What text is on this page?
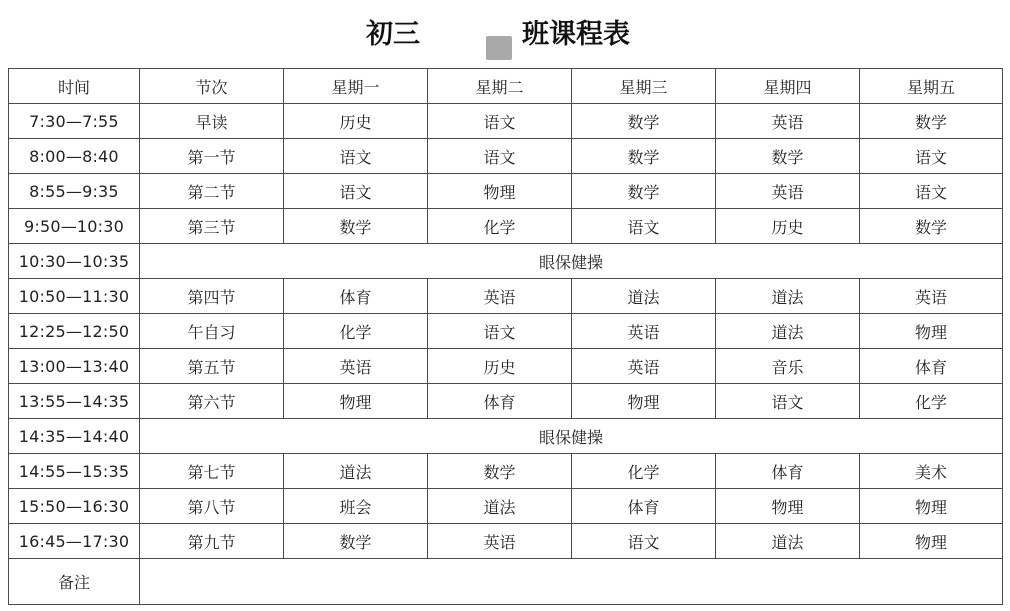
初三	班课程表
时间	节次	星期一	星期二	星期三	星期四	星期五
7:30—7:55	早读	历史	语文	数学	英语	数学
8:00—8:40	第一节	语文	语文	数学	数学	语文
8:55—9:35	第二节	语文	物理	数学	英语	语文
9:50—10:30	第三节	数学	化学	语文	历史	数学
10:30—10:35	眼保健操					
10:50—11:30	第四节	体育	英语	道法	道法	英语
12:25—12:50	午自习	化学	语文	英语	道法	物理
13:00—13:40	第五节	英语	历史	英语	音乐	体育
13:55—14:35	第六节	物理	体育	物理	语文	化学
14:35—14:40	眼保健操					
14:55—15:35	第七节	道法	数学	化学	体育	美术
15:50—16:30	第八节	班会	道法	体育	物理	物理
16:45—17:30	第九节	数学	英语	语文	道法	物理
备注						
